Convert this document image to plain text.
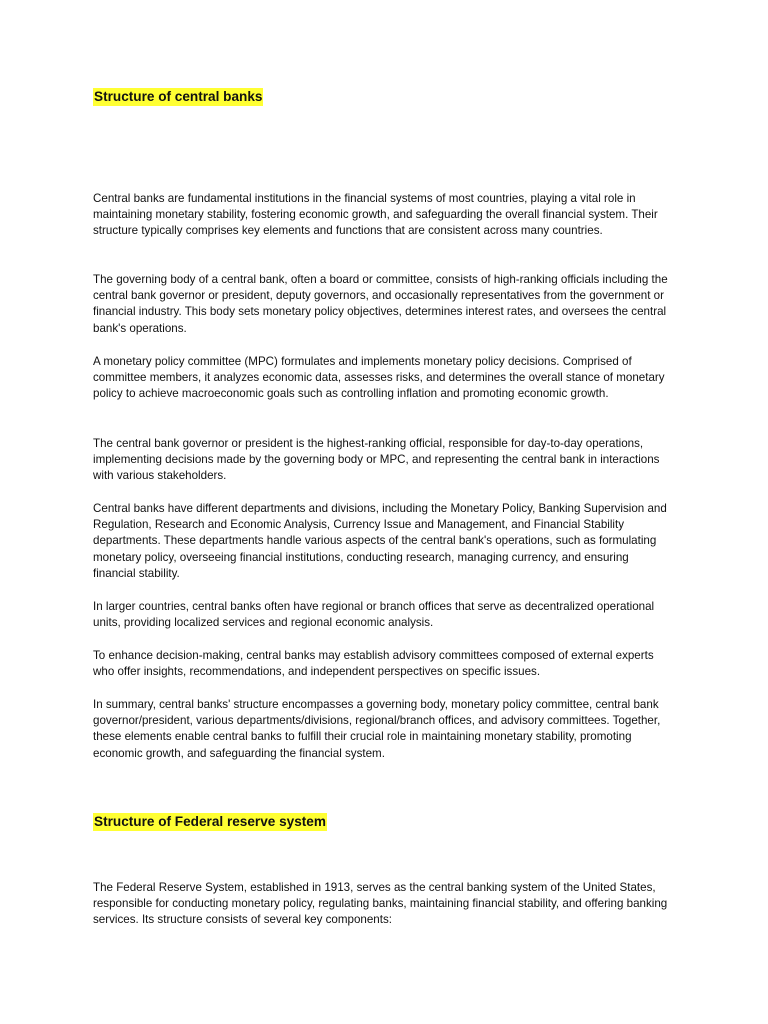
Structure of central banks

Central banks are fundamental institutions in the financial systems of most countries, playing a vital role in maintaining monetary stability, fostering economic growth, and safeguarding the overall financial system. Their structure typically comprises key elements and functions that are consistent across many countries.

The governing body of a central bank, often a board or committee, consists of high-ranking officials including the central bank governor or president, deputy governors, and occasionally representatives from the government or financial industry. This body sets monetary policy objectives, determines interest rates, and oversees the central bank's operations.

A monetary policy committee (MPC) formulates and implements monetary policy decisions. Comprised of committee members, it analyzes economic data, assesses risks, and determines the overall stance of monetary policy to achieve macroeconomic goals such as controlling inflation and promoting economic growth.

The central bank governor or president is the highest-ranking official, responsible for day-to-day operations, implementing decisions made by the governing body or MPC, and representing the central bank in interactions with various stakeholders.

Central banks have different departments and divisions, including the Monetary Policy, Banking Supervision and Regulation, Research and Economic Analysis, Currency Issue and Management, and Financial Stability departments. These departments handle various aspects of the central bank's operations, such as formulating monetary policy, overseeing financial institutions, conducting research, managing currency, and ensuring financial stability.

In larger countries, central banks often have regional or branch offices that serve as decentralized operational units, providing localized services and regional economic analysis.

To enhance decision-making, central banks may establish advisory committees composed of external experts who offer insights, recommendations, and independent perspectives on specific issues.

In summary, central banks' structure encompasses a governing body, monetary policy committee, central bank governor/president, various departments/divisions, regional/branch offices, and advisory committees. Together, these elements enable central banks to fulfill their crucial role in maintaining monetary stability, promoting economic growth, and safeguarding the financial system.

Structure of Federal reserve system

The Federal Reserve System, established in 1913, serves as the central banking system of the United States, responsible for conducting monetary policy, regulating banks, maintaining financial stability, and offering banking services. Its structure consists of several key components:
